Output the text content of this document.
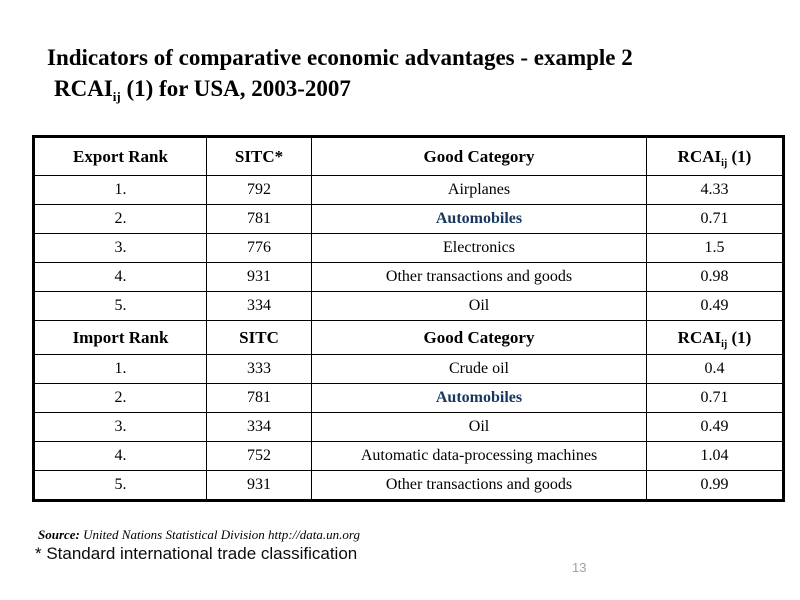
Indicators of comparative economic advantages - example 2
$RCAI_{ij}$ (1) for USA, 2003-2007
Export Rank	SITC*	Good Category	$RCAI_{ij}$ (1)
1.	792	Airplanes	4.33
2.	781	Automobiles	0.71
3.	776	Electronics	1.5
4.	931	Other transactions and goods	0.98
5.	334	Oil	0.49
Import Rank	SITC	Good Category	$RCAI_{ij}$ (1)
1.	333	Crude oil	0.4
2.	781	Automobiles	0.71
3.	334	Oil	0.49
4.	752	Automatic data-processing machines	1.04
5.	931	Other transactions and goods	0.99
Source: United Nations Statistical Division http://data.un.org
* Standard international trade classification
13
